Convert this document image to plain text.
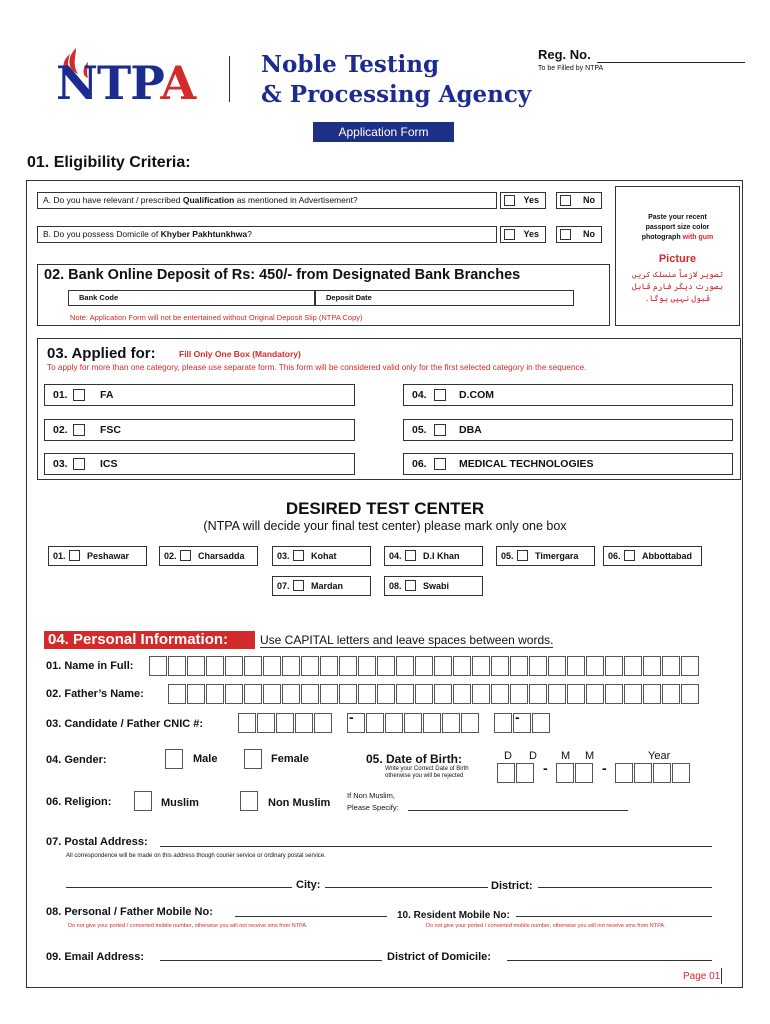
NTPA	Noble Testing
& Processing Agency
Reg. No.
To be Filled by NTPA
Application Form
01. Eligibility Criteria:
A. Do you have relevant / prescribed Qualification as mentioned in Advertisement?	Yes	No
B. Do you possess Domicile of Khyber Pakhtunkhwa?	Yes	No
Paste your recent
passport size color
photograph with gum
Picture
تصویر لازماً منسلک کریں بصورت دیگر فارم قابل قبول نہیں ہوگا۔
02. Bank Online Deposit of Rs: 450/- from Designated Bank Branches
Bank Code	Deposit Date
Note: Application Form will not be entertained without Original Deposit Slip (NTPA Copy)
03. Applied for:	Fill Only One Box (Mandatory)
To apply for more than one category, please use separate form. This form will be considered valid only for the first selected category in the sequence.
01.	FA
02.	FSC
03.	ICS
04.	D.COM
05.	DBA
06.	MEDICAL TECHNOLOGIES
DESIRED TEST CENTER
(NTPA will decide your final test center) please mark only one box
01. Peshawar	02. Charsadda	03. Kohat	04. D.I Khan	05. Timergara	06. Abbottabad
07. Mardan	08. Swabi
04. Personal Information:	Use CAPITAL letters and leave spaces between words.
01. Name in Full:
02. Father’s Name:
03. Candidate / Father CNIC #:	-	-
04. Gender:	Male	Female	05. Date of Birth:
Write your Correct Date of Birth
otherwise you will be rejected
D D M M	Year
-	-
06. Religion:	Muslim	Non Muslim
If Non Muslim,
Please Specify:
07. Postal Address:
All correspondence will be made on this address though courier service or ordinary postal service.
City:	District:
08. Personal / Father Mobile No:
Do not give your ported / converted mobile number, otherwise you will not receive sms from NTPA.
10. Resident Mobile No:
Do not give your ported / converted mobile number, otherwise you will not receive sms from NTPA.
09. Email Address:	District of Domicile:
Page 01
